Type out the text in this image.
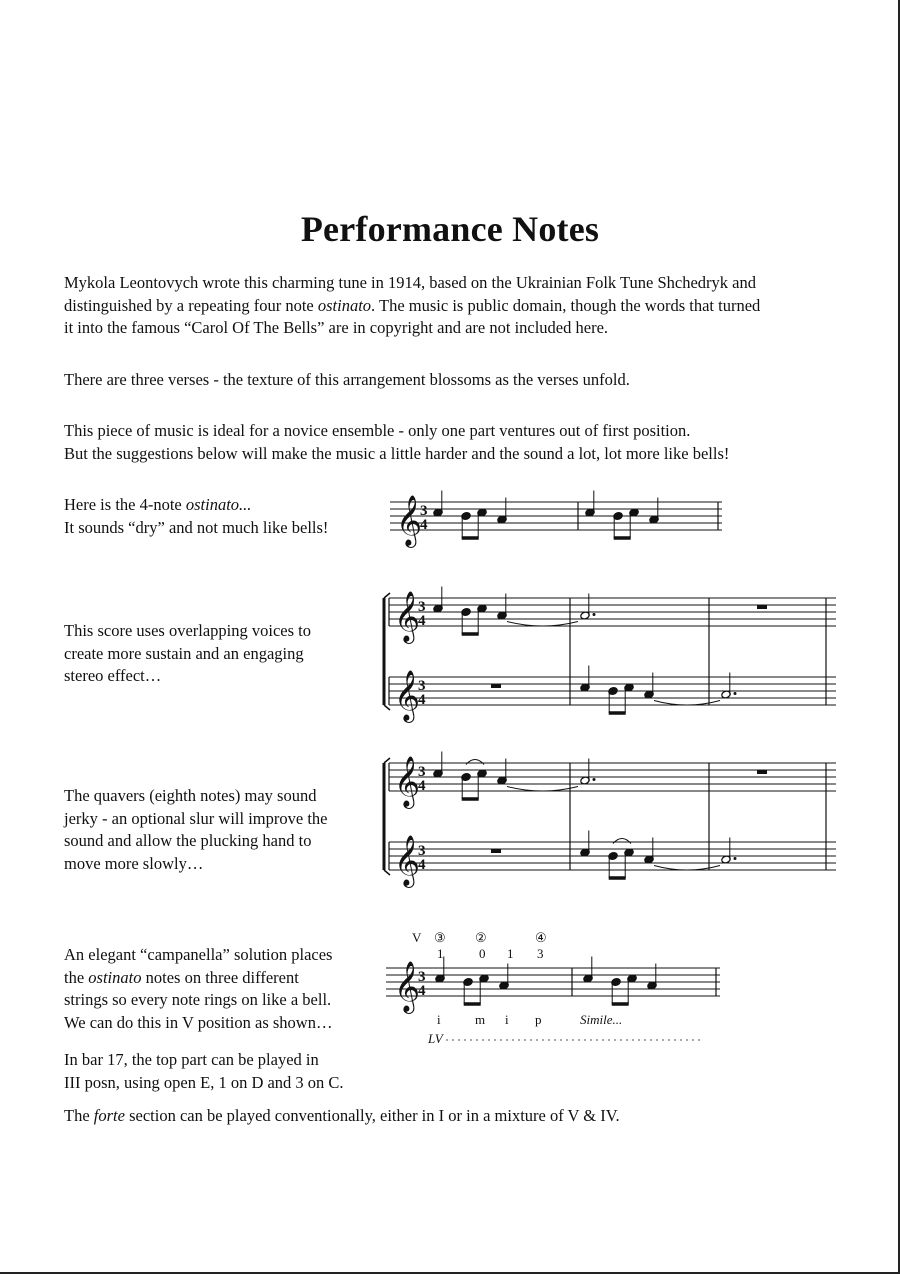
Performance Notes

Mykola Leontovych wrote this charming tune in 1914, based on the Ukrainian Folk Tune Shchedryk and
distinguished by a repeating four note ostinato. The music is public domain, though the words that turned
it into the famous “Carol Of The Bells” are in copyright and are not included here.

There are three verses - the texture of this arrangement blossoms as the verses unfold.

This piece of music is ideal for a novice ensemble - only one part ventures out of first position.
But the suggestions below will make the music a little harder and the sound a lot, lot more like bells!

Here is the 4-note ostinato...
It sounds “dry” and not much like bells!

This score uses overlapping voices to
create more sustain and an engaging
stereo effect…

The quavers (eighth notes) may sound
jerky - an optional slur will improve the
sound and allow the plucking hand to
move more slowly…

An elegant “campanella” solution places
the ostinato notes on three different
strings so every note rings on like a bell.
We can do this in V position as shown…

In bar 17, the top part can be played in
III posn, using open E, 1 on D and 3 on C.

The forte section can be played conventionally, either in I or in a mixture of V & IV.

𝄞
3
4
𝄞
3
4
𝄞
3
4
𝄞
3
4
𝄞
3
4
𝄞
3
4
V ③ ②	④
1	0 1 3
i	m i p	Simile...
LV
